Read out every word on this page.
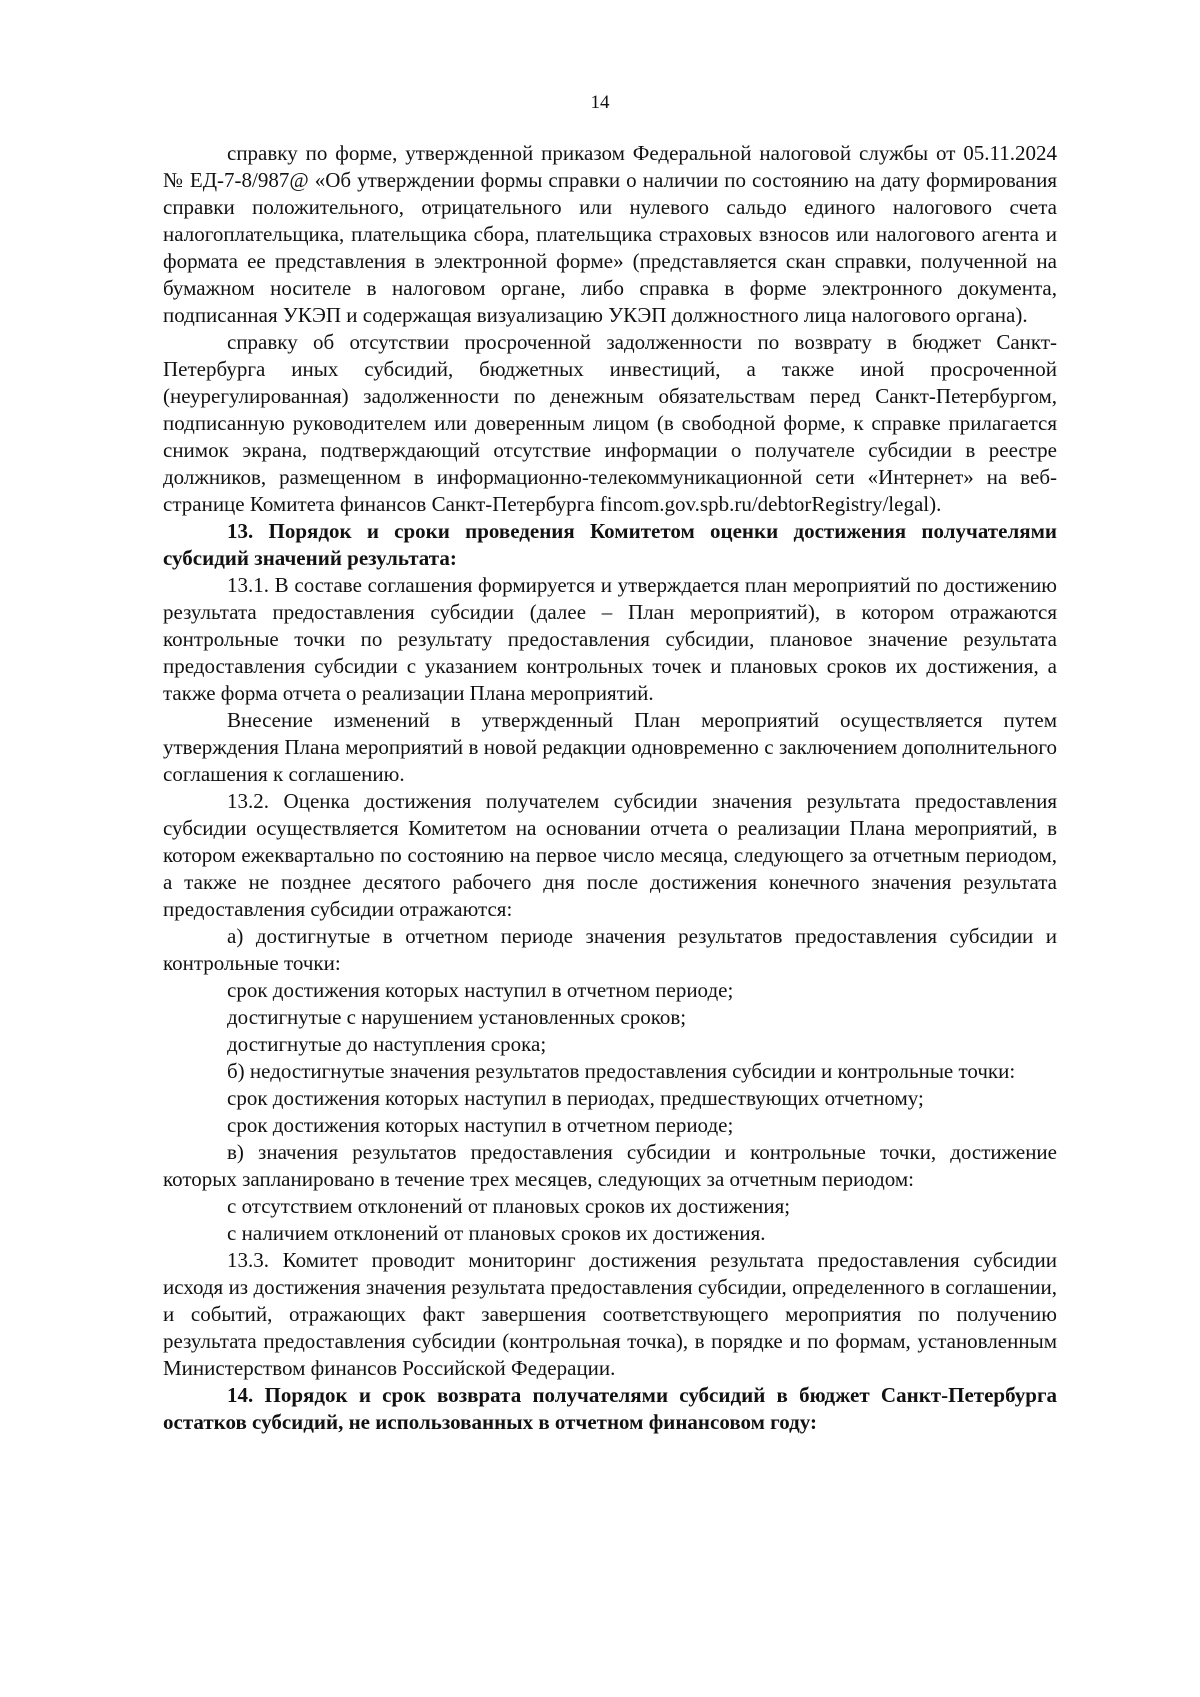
14

справку по форме, утвержденной приказом Федеральной налоговой службы от 05.11.2024 № ЕД-7-8/987@ «Об утверждении формы справки о наличии по состоянию на дату формирования справки положительного, отрицательного или нулевого сальдо единого налогового счета налогоплательщика, плательщика сбора, плательщика страховых взносов или налогового агента и формата ее представления в электронной форме» (представляется скан справки, полученной на бумажном носителе в налоговом органе, либо справка в форме электронного документа, подписанная УКЭП и содержащая визуализацию УКЭП должностного лица налогового органа).

справку об отсутствии просроченной задолженности по возврату в бюджет Санкт-Петербурга иных субсидий, бюджетных инвестиций, а также иной просроченной (неурегулированная) задолженности по денежным обязательствам перед Санкт-Петербургом, подписанную руководителем или доверенным лицом (в свободной форме, к справке прилагается снимок экрана, подтверждающий отсутствие информации о получателе субсидии в реестре должников, размещенном в информационно-телекоммуникационной сети «Интернет» на веб-странице Комитета финансов Санкт-Петербурга fincom.gov.spb.ru/debtorRegistry/legal).

13. Порядок и сроки проведения Комитетом оценки достижения получателями субсидий значений результата:

13.1. В составе соглашения формируется и утверждается план мероприятий по достижению результата предоставления субсидии (далее – План мероприятий), в котором отражаются контрольные точки по результату предоставления субсидии, плановое значение результата предоставления субсидии с указанием контрольных точек и плановых сроков их достижения, а также форма отчета о реализации Плана мероприятий.

Внесение изменений в утвержденный План мероприятий осуществляется путем утверждения Плана мероприятий в новой редакции одновременно с заключением дополнительного соглашения к соглашению.

13.2. Оценка достижения получателем субсидии значения результата предоставления субсидии осуществляется Комитетом на основании отчета о реализации Плана мероприятий, в котором ежеквартально по состоянию на первое число месяца, следующего за отчетным периодом, а также не позднее десятого рабочего дня после достижения конечного значения результата предоставления субсидии отражаются:

а) достигнутые в отчетном периоде значения результатов предоставления субсидии и контрольные точки:

срок достижения которых наступил в отчетном периоде;

достигнутые с нарушением установленных сроков;

достигнутые до наступления срока;

б) недостигнутые значения результатов предоставления субсидии и контрольные точки:

срок достижения которых наступил в периодах, предшествующих отчетному;

срок достижения которых наступил в отчетном периоде;

в) значения результатов предоставления субсидии и контрольные точки, достижение которых запланировано в течение трех месяцев, следующих за отчетным периодом:

с отсутствием отклонений от плановых сроков их достижения;

с наличием отклонений от плановых сроков их достижения.

13.3. Комитет проводит мониторинг достижения результата предоставления субсидии исходя из достижения значения результата предоставления субсидии, определенного в соглашении, и событий, отражающих факт завершения соответствующего мероприятия по получению результата предоставления субсидии (контрольная точка), в порядке и по формам, установленным Министерством финансов Российской Федерации.

14. Порядок и срок возврата получателями субсидий в бюджет Санкт-Петербурга остатков субсидий, не использованных в отчетном финансовом году:
